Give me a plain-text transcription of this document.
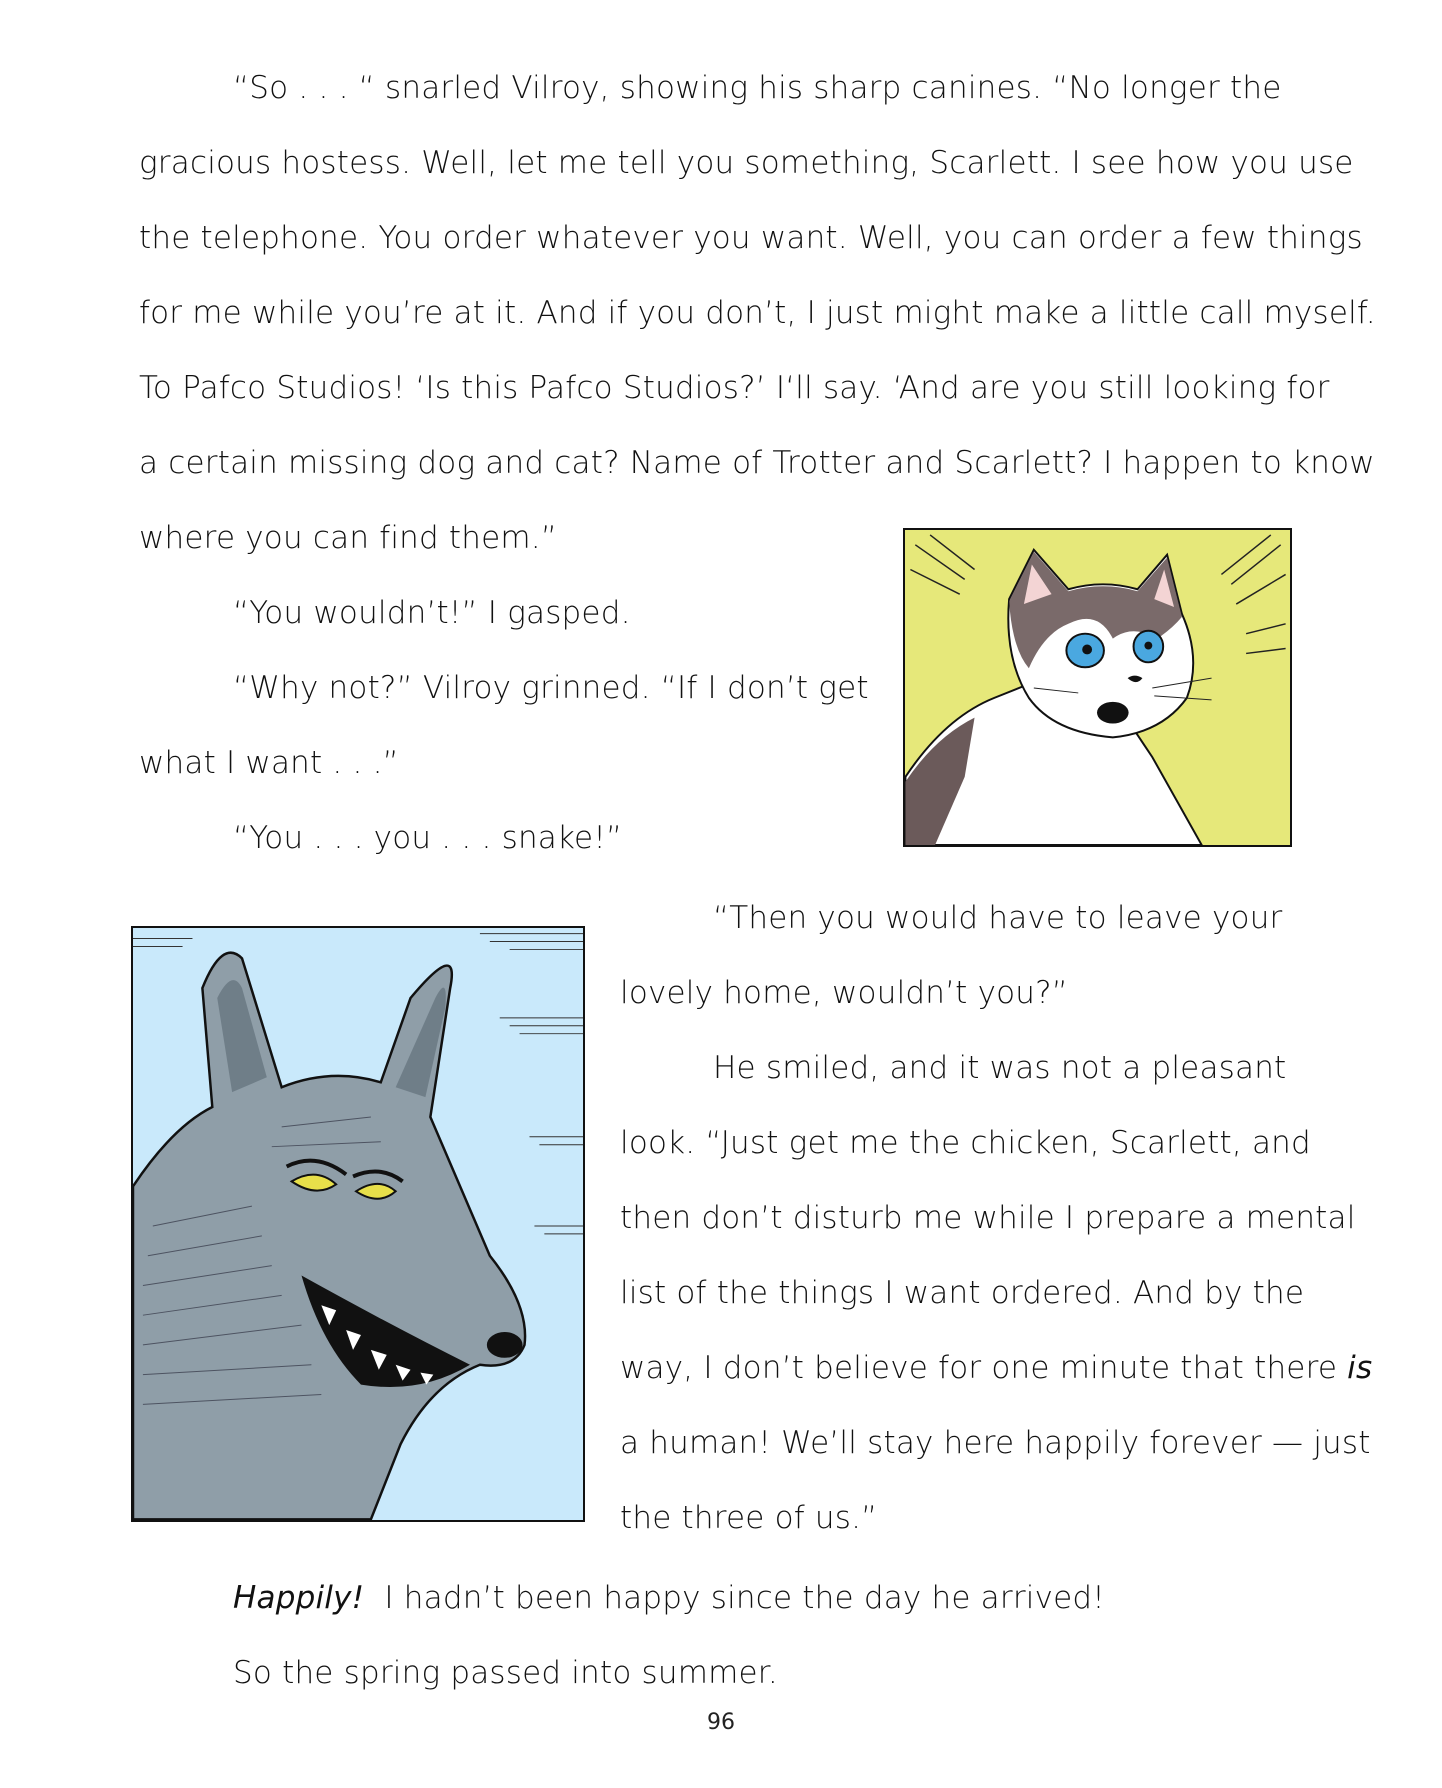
“So . . . “ snarled Vilroy, showing his sharp canines. “No longer the
gracious hostess. Well, let me tell you something, Scarlett. I see how you use
the telephone. You order whatever you want. Well, you can order a few things
for me while you’re at it. And if you don’t, I just might make a little call myself.
To Pafco Studios! ‘Is this Pafco Studios?’ I‘ll say. ‘And are you still looking for
a certain missing dog and cat? Name of Trotter and Scarlett? I happen to know
where you can find them.”
“You wouldn’t!” I gasped.
“Why not?” Vilroy grinned. “If I don’t get
what I want . . .”
“You . . . you . . . snake!”
“Then you would have to leave your
lovely home, wouldn’t you?”
He smiled, and it was not a pleasant
look. “Just get me the chicken, Scarlett, and
then don’t disturb me while I prepare a mental
list of the things I want ordered. And by the
way, I don’t believe for one minute that there is
a human! We’ll stay here happily forever — just
the three of us.”
Happily! I hadn’t been happy since the day he arrived!
So the spring passed into summer.
96
